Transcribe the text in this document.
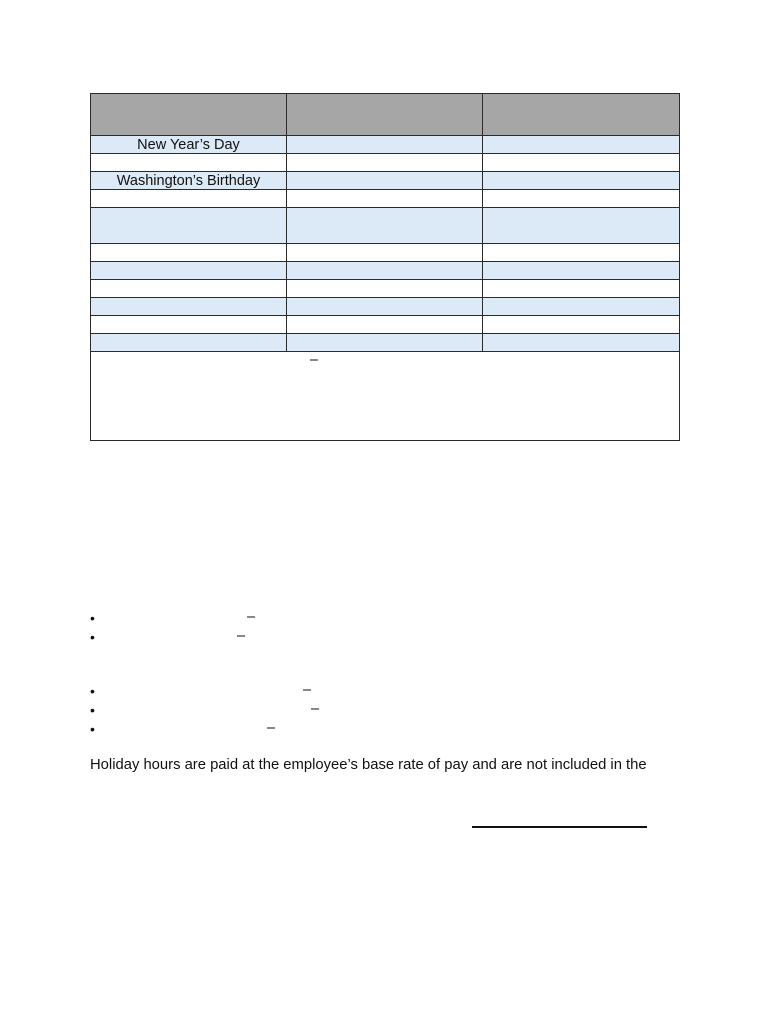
New Year’s Day		

Washington’s Birthday		

–		
•	–
•	–
•	–
•	–
•	–
Holiday hours are paid at the employee’s base rate of pay and are not included in the
